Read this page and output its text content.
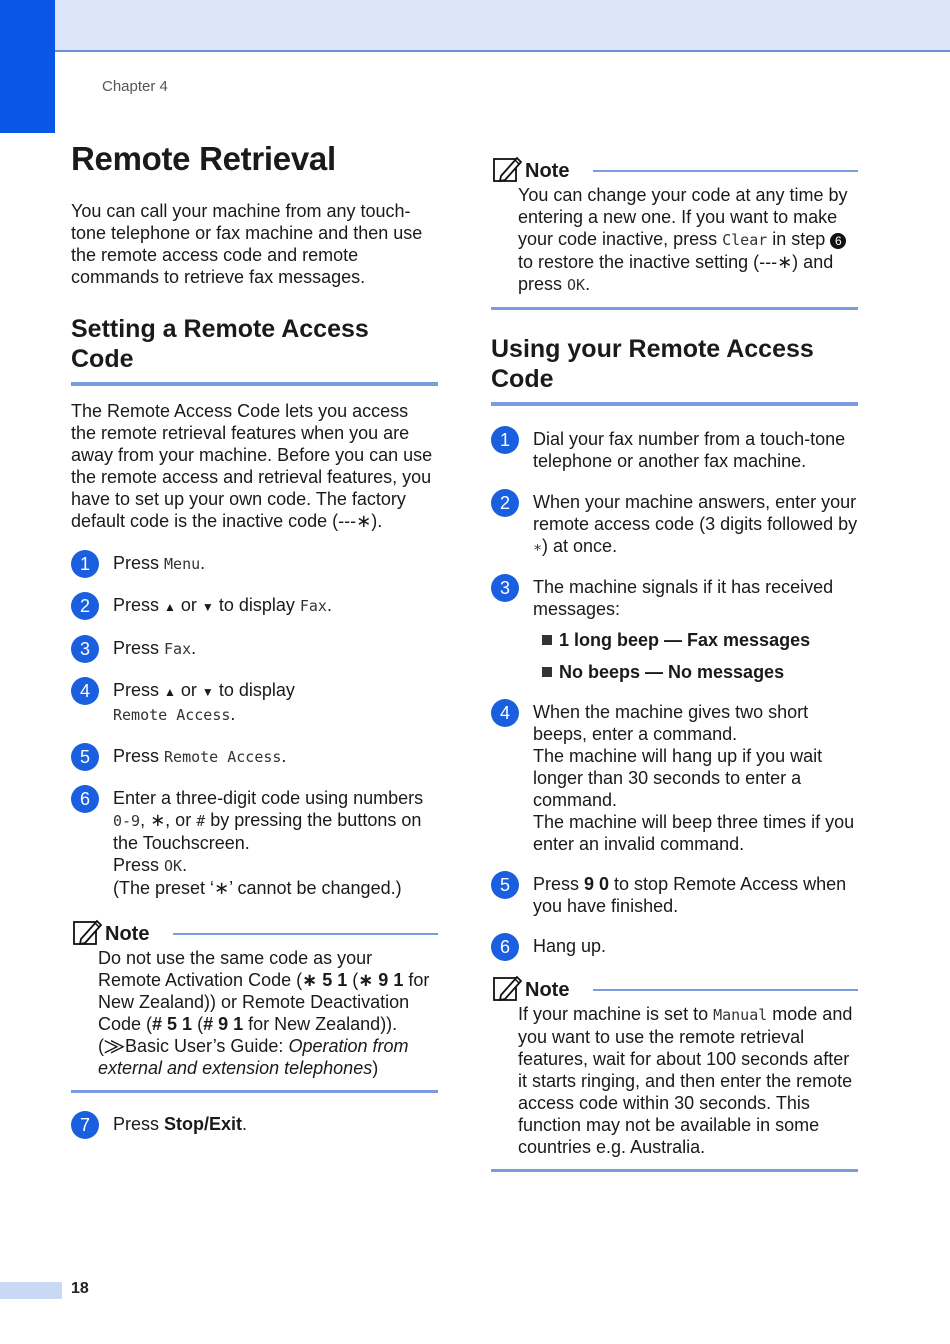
Chapter 4
18
Remote Retrieval

You can call your machine from any touch-tone telephone or fax machine and then use the remote access code and remote commands to retrieve fax messages.

Setting a Remote Access Code

The Remote Access Code lets you access the remote retrieval features when you are away from your machine. Before you can use the remote access and retrieval features, you have to set up your own code. The factory default code is the inactive code (---∗).

1	Press Menu.
2	Press ▲ or ▼ to display Fax.
3	Press Fax.
4	Press ▲ or ▼ to display
Remote Access.
5	Press Remote Access.
6	Enter a three-digit code using numbers
0-9, ∗, or # by pressing the buttons on the Touchscreen.
Press OK.
(The preset ‘∗’ cannot be changed.)
Note
Do not use the same code as your Remote Activation Code (∗ 5 1 (∗ 9 1 for New Zealand)) or Remote Deactivation Code (# 5 1 (# 9 1 for New Zealand)). (⨠Basic User’s Guide: Operation from external and extension telephones)
7	Press Stop/Exit.
Note
You can change your code at any time by entering a new one. If you want to make your code inactive, press Clear in step 6 to restore the inactive setting (---∗) and press OK.
Using your Remote Access Code
1	Dial your fax number from a touch-tone telephone or another fax machine.
2	When your machine answers, enter your remote access code (3 digits followed by ∗) at once.
3	The machine signals if it has received messages:
1 long beep — Fax messages
No beeps — No messages
4	When the machine gives two short beeps, enter a command.
The machine will hang up if you wait longer than 30 seconds to enter a command.
The machine will beep three times if you enter an invalid command.
5	Press 9 0 to stop Remote Access when you have finished.
6	Hang up.
Note
If your machine is set to Manual mode and you want to use the remote retrieval features, wait for about 100 seconds after it starts ringing, and then enter the remote access code within 30 seconds. This function may not be available in some countries e.g. Australia.
